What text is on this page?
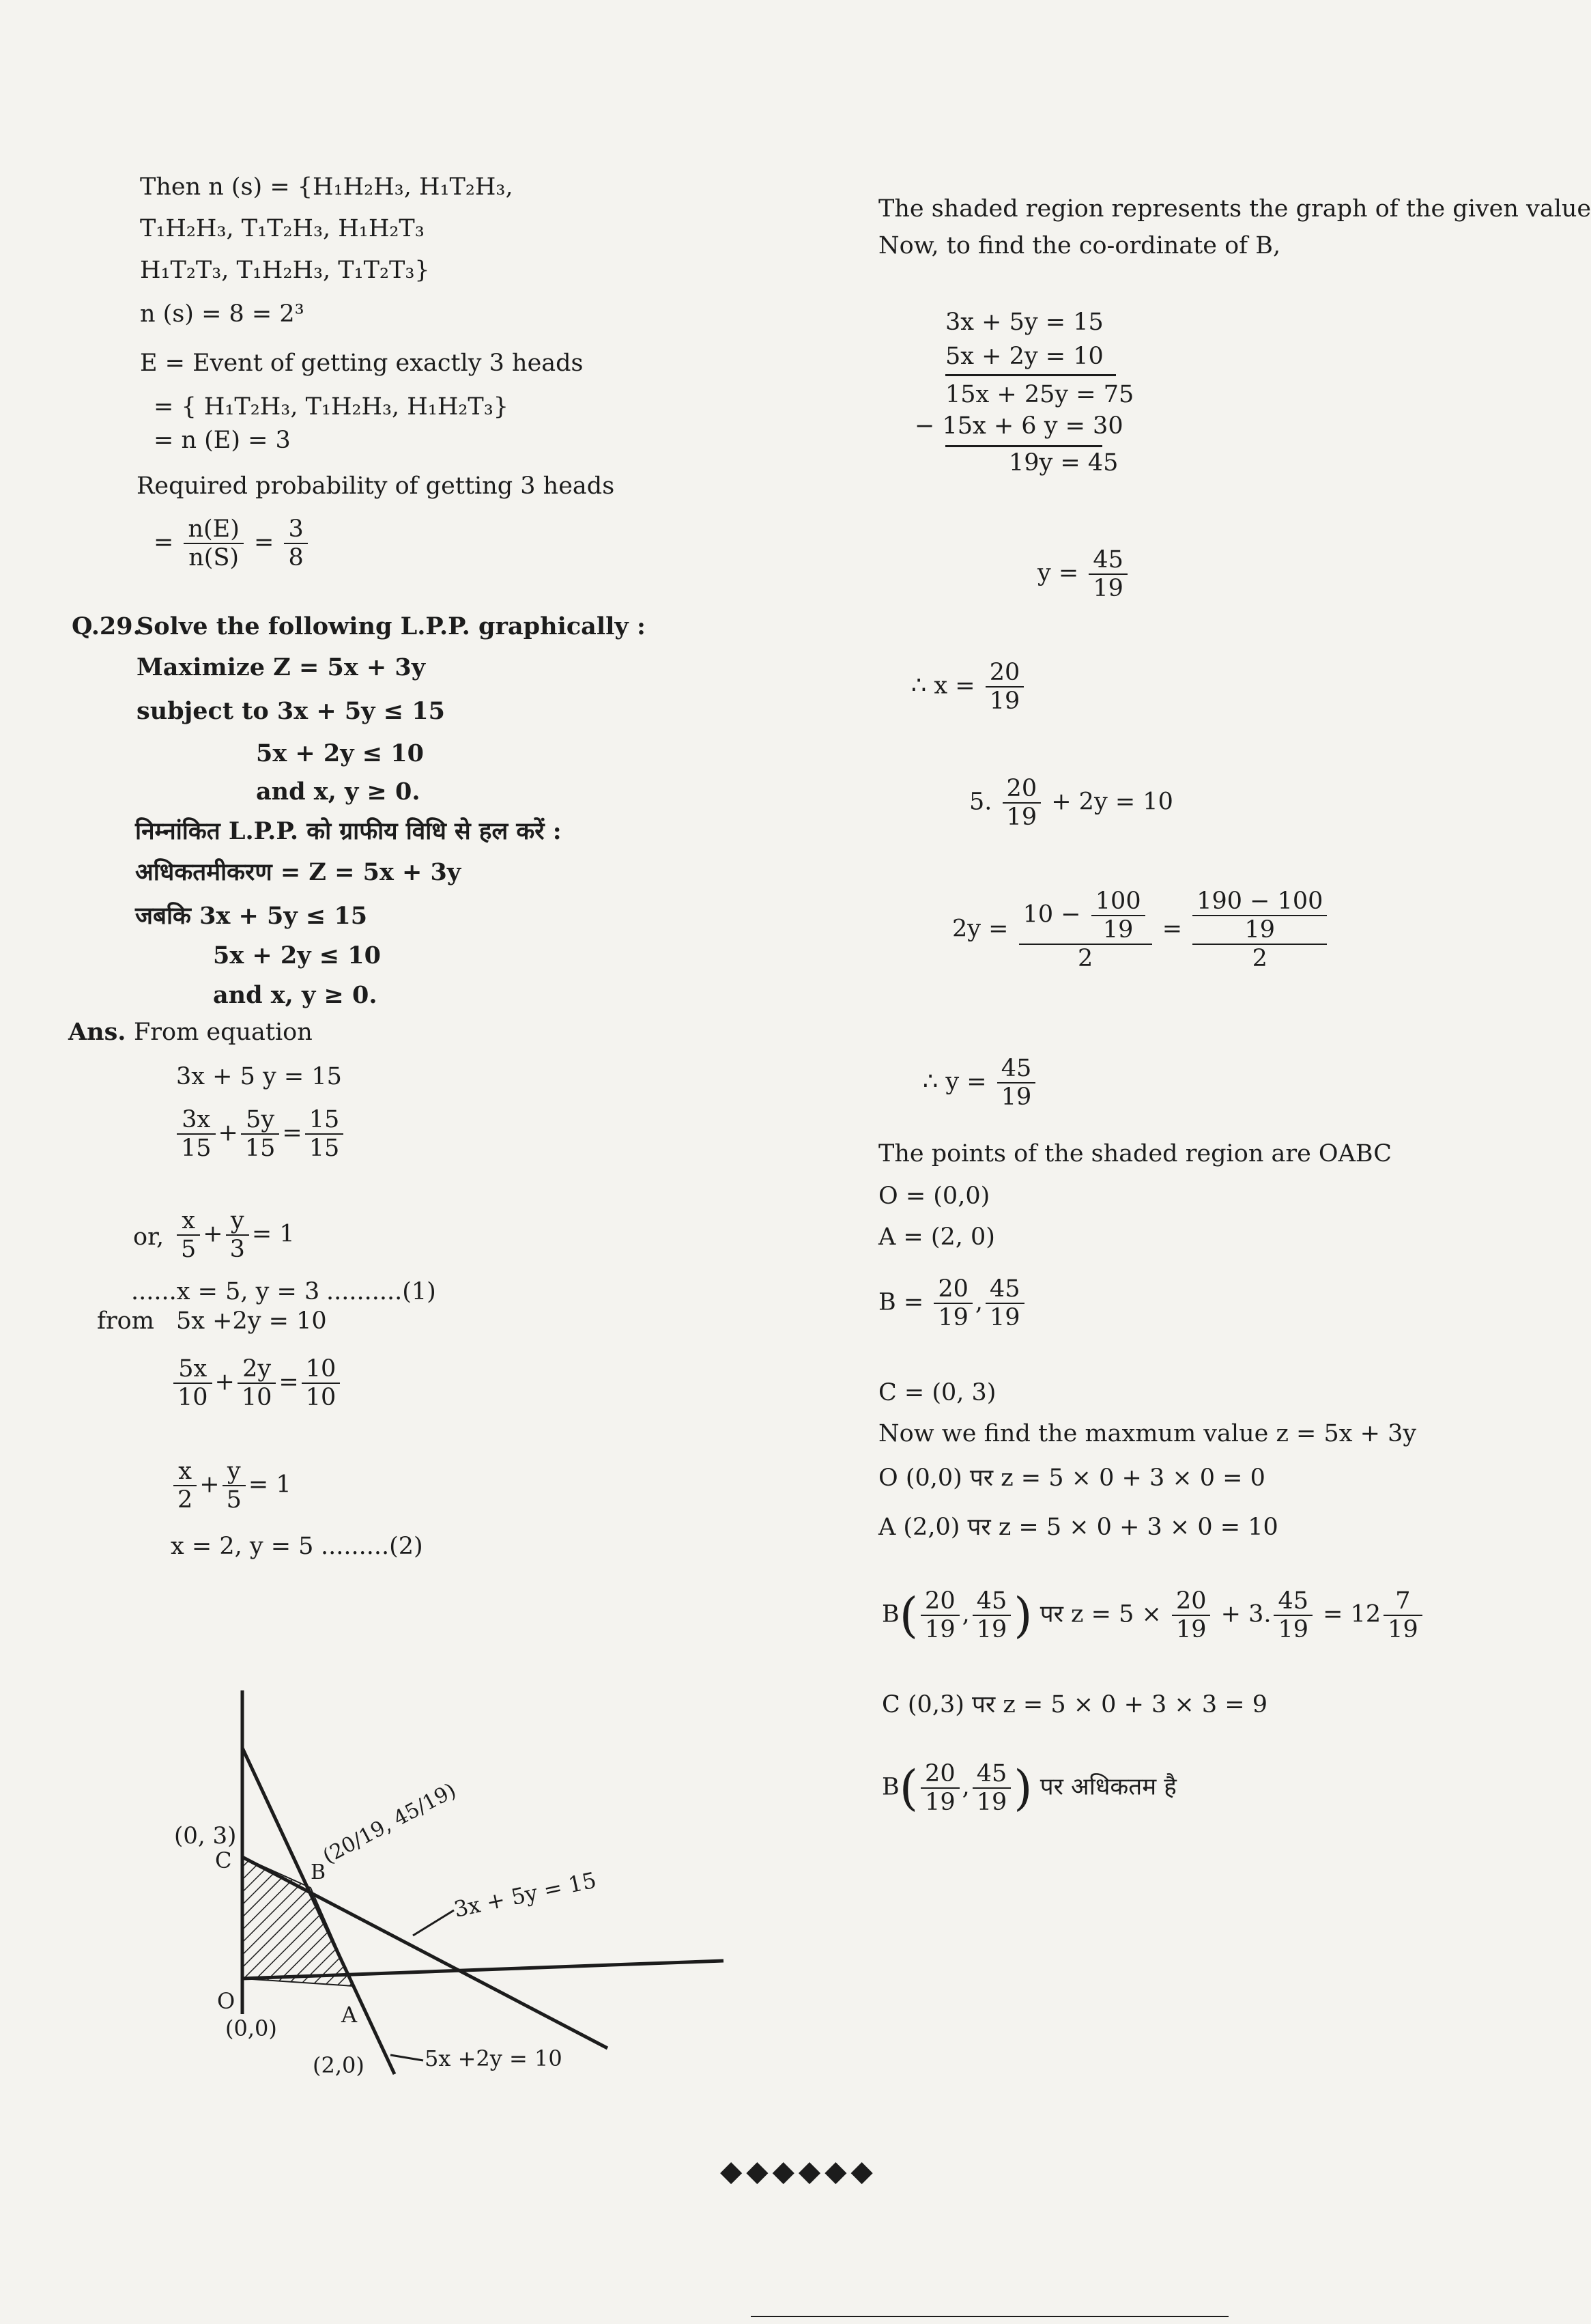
Then n (s) = {H₁H₂H₃, H₁T₂H₃,
T₁H₂H₃, T₁T₂H₃, H₁H₂T₃
H₁T₂T₃, T₁H₂H₃, T₁T₂T₃}
n (s) = 8 = 2³
E = Event of getting exactly 3 heads
= { H₁T₂H₃, T₁H₂H₃, H₁H₂T₃}
= n (E) = 3
Required probability of getting 3 heads
= $\frac{n(E)}{n(S)} = \frac{3}{8}$
Q.29.
Solve the following L.P.P. graphically :
Maximize Z = 5x + 3y
subject to 3x + 5y ≤ 15
5x + 2y ≤ 10
and x, y ≥ 0.
निम्नांकित L.P.P. को ग्राफीय विधि से हल करें :
अधिकतमीकरण = Z = 5x + 3y
जबकि 3x + 5y ≤ 15
5x + 2y ≤ 10
and x, y ≥ 0.
Ans. From equation
3x + 5 y = 15
$\frac{3x}{15} + \frac{5y}{15} = \frac{15}{15}$
or, $\frac{x}{5} + \frac{y}{3} = 1$
......x = 5, y = 3 ..........(1)
from 5x +2y = 10
$\frac{5x}{10} + \frac{2y}{10} = \frac{10}{10}$
$\frac{x}{2} + \frac{y}{5} = 1$
x = 2, y = 5 .........(2)
(0, 3)
C	B
(20/19, 45/19)
O
(0,0)
A
(2,0)
3x + 5y = 15
5x +2y = 10
The shaded region represents the graph of the given value
Now, to find the co-ordinate of B,
3x + 5y = 15
5x + 2y = 10
15x + 25y = 75
− 15x + 6 y = 30
19y = 45
$y = \frac{45}{19}$
∴ $x = \frac{20}{19}$
5. $\frac{20}{19} + 2y = 10$
$2y = \frac{10 - \frac{100}{19}}{2}$ =
190 − 100
19
2
∴ $y = \frac{45}{19}$
The points of the shaded region are OABC
O = (0,0)
A = (2, 0)
$B = \frac{20}{19}$ , $\frac{45}{19}$
C = (0, 3)
Now we find the maxmum value z = 5x + 3y
O (0,0) पर z = 5 × 0 + 3 × 0 = 0
A (2,0) पर z = 5 × 0 + 3 × 0 = 10
$B( \frac{20}{19}$ , $\frac{45}{19}$ ) पर $z = 5 \times \frac{20}{19} + 3$. $\frac{45}{19} = 12 \frac{7}{19}$
C (0,3) पर z = 5 × 0 + 3 × 3 = 9
$B( \frac{20}{19}$ , $\frac{45}{19}$ ) पर अधिकतम है
◆◆◆◆◆◆
